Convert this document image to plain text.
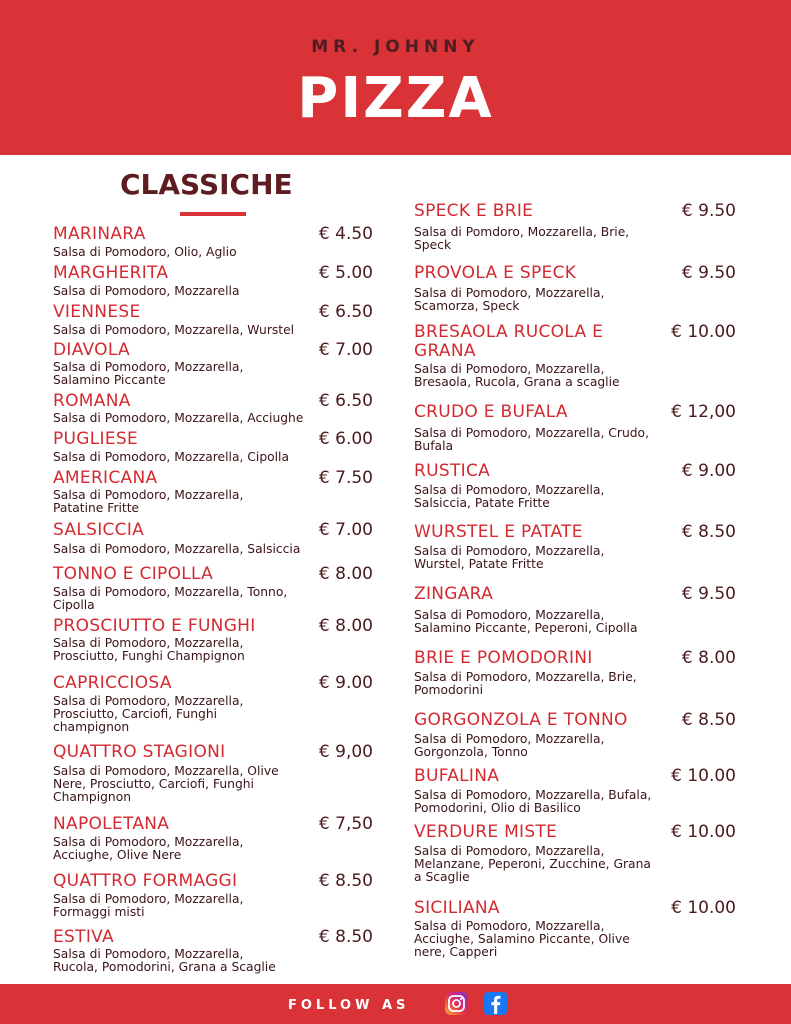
MR. JOHNNY
PIZZA
CLASSICHE
MARINARA	€ 4.50
Salsa di Pomodoro, Olio, Aglio
MARGHERITA	€ 5.00
Salsa di Pomodoro, Mozzarella
VIENNESE	€ 6.50
Salsa di Pomodoro, Mozzarella, Wurstel
DIAVOLA	€ 7.00
Salsa di Pomodoro, Mozzarella,
Salamino Piccante
ROMANA	€ 6.50
Salsa di Pomodoro, Mozzarella, Acciughe
PUGLIESE	€ 6.00
Salsa di Pomodoro, Mozzarella, Cipolla
AMERICANA	€ 7.50
Salsa di Pomodoro, Mozzarella,
Patatine Fritte
SALSICCIA	€ 7.00
Salsa di Pomodoro, Mozzarella, Salsiccia
TONNO E CIPOLLA	€ 8.00
Salsa di Pomodoro, Mozzarella, Tonno,
Cipolla
PROSCIUTTO E FUNGHI	€ 8.00
Salsa di Pomodoro, Mozzarella,
Prosciutto, Funghi Champignon
CAPRICCIOSA	€ 9.00
Salsa di Pomodoro, Mozzarella,
Prosciutto, Carciofi, Funghi
champignon
QUATTRO STAGIONI	€ 9,00
Salsa di Pomodoro, Mozzarella, Olive
Nere, Prosciutto, Carciofi, Funghi
Champignon
NAPOLETANA	€ 7,50
Salsa di Pomodoro, Mozzarella,
Acciughe, Olive Nere
QUATTRO FORMAGGI	€ 8.50
Salsa di Pomodoro, Mozzarella,
Formaggi misti
ESTIVA	€ 8.50
Salsa di Pomodoro, Mozzarella,
Rucola, Pomodorini, Grana a Scaglie
SPECK E BRIE	€ 9.50
Salsa di Pomdoro, Mozzarella, Brie,
Speck
PROVOLA E SPECK	€ 9.50
Salsa di Pomodoro, Mozzarella,
Scamorza, Speck
BRESAOLA RUCOLA E
GRANA
€ 10.00
Salsa di Pomodoro, Mozzarella,
Bresaola, Rucola, Grana a scaglie
CRUDO E BUFALA	€ 12,00
Salsa di Pomodoro, Mozzarella, Crudo,
Bufala
RUSTICA	€ 9.00
Salsa di Pomodoro, Mozzarella,
Salsiccia, Patate Fritte
WURSTEL E PATATE	€ 8.50
Salsa di Pomodoro, Mozzarella,
Wurstel, Patate Fritte
ZINGARA	€ 9.50
Salsa di Pomodoro, Mozzarella,
Salamino Piccante, Peperoni, Cipolla
BRIE E POMODORINI	€ 8.00
Salsa di Pomodoro, Mozzarella, Brie,
Pomodorini
GORGONZOLA E TONNO	€ 8.50
Salsa di Pomodoro, Mozzarella,
Gorgonzola, Tonno
BUFALINA	€ 10.00
Salsa di Pomodoro, Mozzarella, Bufala,
Pomodorini, Olio di Basilico
VERDURE MISTE	€ 10.00
Salsa di Pomodoro, Mozzarella,
Melanzane, Peperoni, Zucchine, Grana
a Scaglie
SICILIANA	€ 10.00
Salsa di Pomodoro, Mozzarella,
Acciughe, Salamino Piccante, Olive
nere, Capperi
FOLLOW AS
